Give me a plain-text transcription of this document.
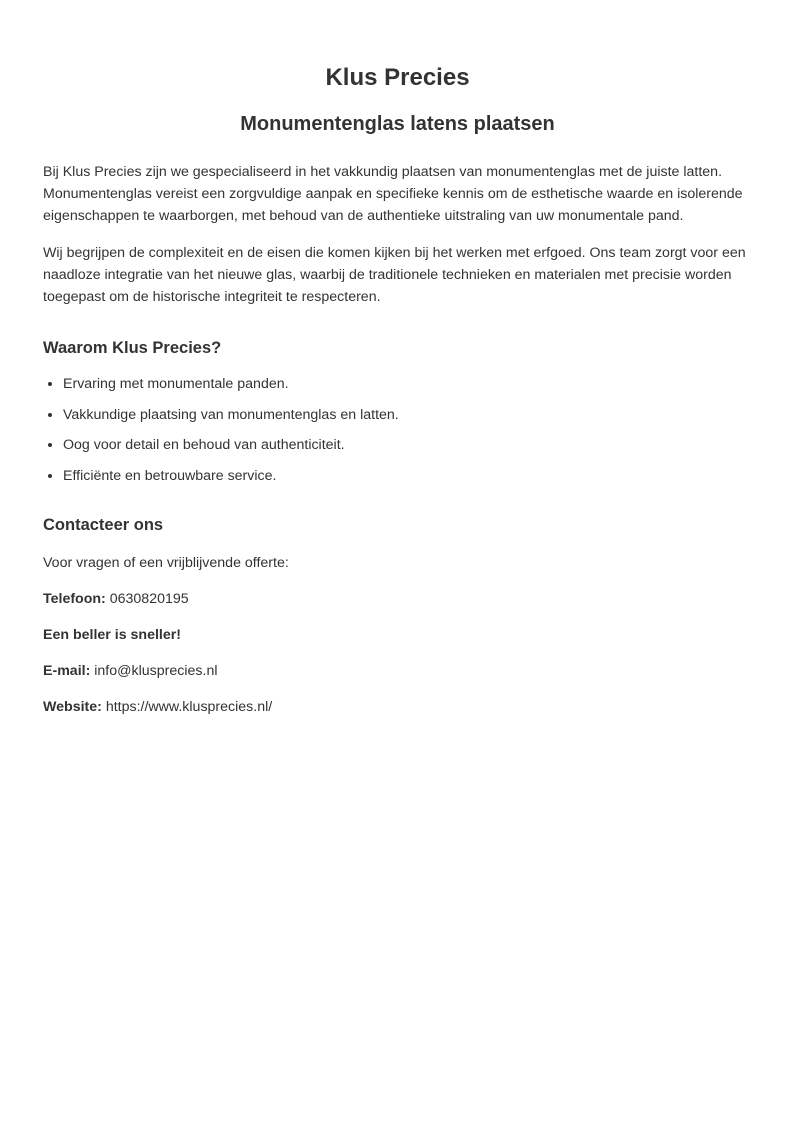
Klus Precies
Monumentenglas latens plaatsen

Bij Klus Precies zijn we gespecialiseerd in het vakkundig plaatsen van monumentenglas met de juiste latten. Monumentenglas vereist een zorgvuldige aanpak en specifieke kennis om de esthetische waarde en isolerende eigenschappen te waarborgen, met behoud van de authentieke uitstraling van uw monumentale pand.

Wij begrijpen de complexiteit en de eisen die komen kijken bij het werken met erfgoed. Ons team zorgt voor een naadloze integratie van het nieuwe glas, waarbij de traditionele technieken en materialen met precisie worden toegepast om de historische integriteit te respecteren.

Waarom Klus Precies?
• Ervaring met monumentale panden.
• Vakkundige plaatsing van monumentenglas en latten.
• Oog voor detail en behoud van authenticiteit.
• Efficiënte en betrouwbare service.
Contacteer ons

Voor vragen of een vrijblijvende offerte:

Telefoon: 0630820195

Een beller is sneller!

E-mail: info@klusprecies.nl

Website: https://www.klusprecies.nl/
